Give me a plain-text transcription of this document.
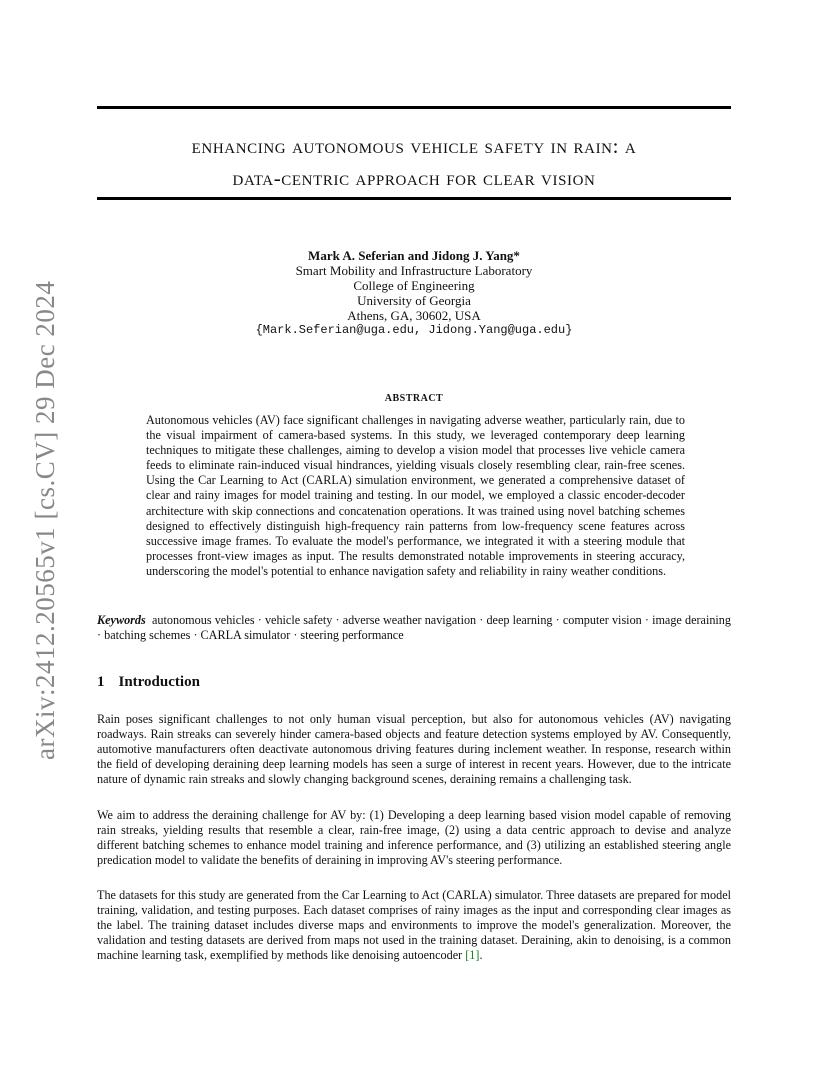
arXiv:2412.20565v1 [cs.CV] 29 Dec 2024
enhancing autonomous vehicle safety in rain: a
data-centric approach for clear vision
Mark A. Seferian and Jidong J. Yang*
Smart Mobility and Infrastructure Laboratory
College of Engineering
University of Georgia
Athens, GA, 30602, USA
{Mark.Seferian@uga.edu, Jidong.Yang@uga.edu}
abstract
Autonomous vehicles (AV) face significant challenges in navigating adverse weather, particularly rain, due to the visual impairment of camera-based systems. In this study, we leveraged contemporary deep learning techniques to mitigate these challenges, aiming to develop a vision model that processes live vehicle camera feeds to eliminate rain-induced visual hindrances, yielding visuals closely resembling clear, rain-free scenes. Using the Car Learning to Act (CARLA) simulation environment, we generated a comprehensive dataset of clear and rainy images for model training and testing. In our model, we employed a classic encoder-decoder architecture with skip connections and concatenation operations. It was trained using novel batching schemes designed to effectively distinguish high-frequency rain patterns from low-frequency scene features across successive image frames. To evaluate the model's performance, we integrated it with a steering module that processes front-view images as input. The results demonstrated notable improvements in steering accuracy, underscoring the model's potential to enhance navigation safety and reliability in rainy weather conditions.
Keywords autonomous vehicles · vehicle safety · adverse weather navigation · deep learning · computer vision · image deraining · batching schemes · CARLA simulator · steering performance
1 Introduction

Rain poses significant challenges to not only human visual perception, but also for autonomous vehicles (AV) navigating roadways. Rain streaks can severely hinder camera-based objects and feature detection systems employed by AV. Consequently, automotive manufacturers often deactivate autonomous driving features during inclement weather. In response, research within the field of developing deraining deep learning models has seen a surge of interest in recent years. However, due to the intricate nature of dynamic rain streaks and slowly changing background scenes, deraining remains a challenging task.

We aim to address the deraining challenge for AV by: (1) Developing a deep learning based vision model capable of removing rain streaks, yielding results that resemble a clear, rain-free image, (2) using a data centric approach to devise and analyze different batching schemes to enhance model training and inference performance, and (3) utilizing an established steering angle predication model to validate the benefits of deraining in improving AV's steering performance.

The datasets for this study are generated from the Car Learning to Act (CARLA) simulator. Three datasets are prepared for model training, validation, and testing purposes. Each dataset comprises of rainy images as the input and corresponding clear images as the label. The training dataset includes diverse maps and environments to improve the model's generalization. Moreover, the validation and testing datasets are derived from maps not used in the training dataset. Deraining, akin to denoising, is a common machine learning task, exemplified by methods like denoising autoencoder [1].
